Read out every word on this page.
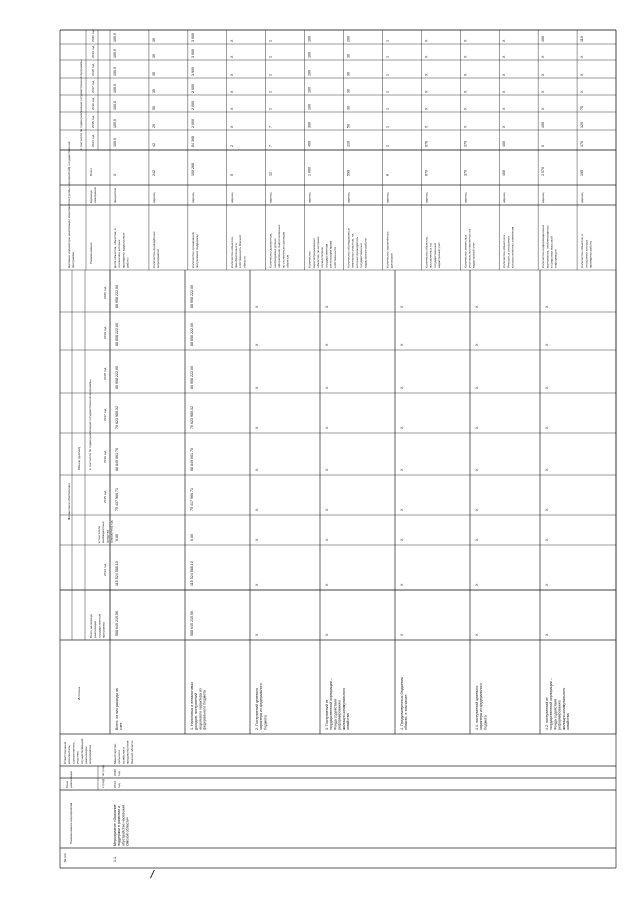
№ п/п
Наименование мероприятия
Срокреализации	с (год)
по (год)
Ответственныйисполнитель,соисполнитель,участник,осуществляющийреализациюмероприятия
Источник
Всего на периодреализациигосударственнойпрограммы
Финансовое обеспечение
Объем (рублей) в том числе по годам реализации государственной программы
в том числевнебюджетныесредства(справочно) год
2014 год
2015 год
2016 год
2017 год
2018 год
2019 год
2020 год
1.1.
Мероприятие «Оказаниеподдержки в развитии иобустройстве населенияОмской области»
2014год
2020год
Министерствосельскогохозяйства ипродовольствияОмской области
Всего, из них расходы засчет:
588 645 215,56
115 524 588,10
0,00
75 437 966,71
68 849 061,70
70 623 980,32
80 958 222,00
88 858 222,00
88 958 222,00
1. Налоговых и неналоговыхдоходов, поступленийнецелевого характера изфедерального бюджета
588 645 215,56
115 524 588,10
0,00
75 417 966,71
68 849 061,70
70 623 980,32
80 958 222,00
88 858 222,00
88 958 222,00
2. Поступлений целевогохарактера из федеральногобюджета
X
X
X
X
X
X
X
X
X
3. Поступлений отгосударственной корпорации –Фонда содействияреформированиюжилищно-коммунальногохозяйства
X
X
X
X
X
X
X
X
X
4. Предусмотренных бюджетомобласти, в том числе:
X
X
X
X
X
X
X
X
X
4.1. поступлений целевогохарактера из федеральногобюджета
X
X
X
X
X
X
X
X
X
4.2. поступлений отгосударственной корпорации –Фонда содействияреформированиюжилищно-коммунальногохозяйства
X
X
X
X
X
X
X
X
X
Целевые индикаторы реализации мероприятия (группы мероприятий) государственнойпрограммы
в том числе по годам реализации государственной программы
Наименование
Единицаизмерения
Всего
2014 год
2015 год
2016 год
2017 год
2018 год
2019 год
2020 год
Доля объектов, объектов, вотношении которыхпроведены кадастровыеработы
процентов
X
100,0
100,0
100,0
100,0
100,0
100,0
100,0
Количество проведённыхмероприятий
единиц
242
42
20
50
35
35
30
30
Количество организаций,получивших поддержку
единиц
100 268
84 368
2 000
2 000
2 000
3 900
3 000
3 000
Количество объектов,приобретенных всобственность Омскойобласти
единиц
5
2
X
X
X
X
X
X
Количество документов,необходимых для ихоформления, подготовленныхпо уточненным границамобъектов
единиц
12
7
7
1
1
1
1
1
Количествозарегистрированныхобъектов, по которымосуществленагосударственнаярегистрация правасобственности
единиц
1 000
400
300
100
100
100
100
100
Количество обследованныхземельных участков, накоторых проводилисьгосударственныекадастровые работы
единиц
590
210
50
30
30
30
30
200
Количество заключённыхдоговоров
единиц
8
2
1
1
1
1
1
1
Количество объектов,поставленных нагосударственныйкадастровый учет
единиц
670
670
X
X
X
X
X
X
Количество земельныхучастков, поставленных накадастровый учет
единиц
370
370
X
X
X
X
X
X
Количество объектов вРеестре, в отношениикоторых внесены изменения
единиц
400
400
X
X
X
X
X
X
Количество информационныхматериалов, опубликованныхв средствах массовойинформации
единиц
1 570
0
400
X
X
X
X
400
Количество объектов, вотношении которыхпроведены работы
единиц
195
170
120
75
X
X
X
110
/
